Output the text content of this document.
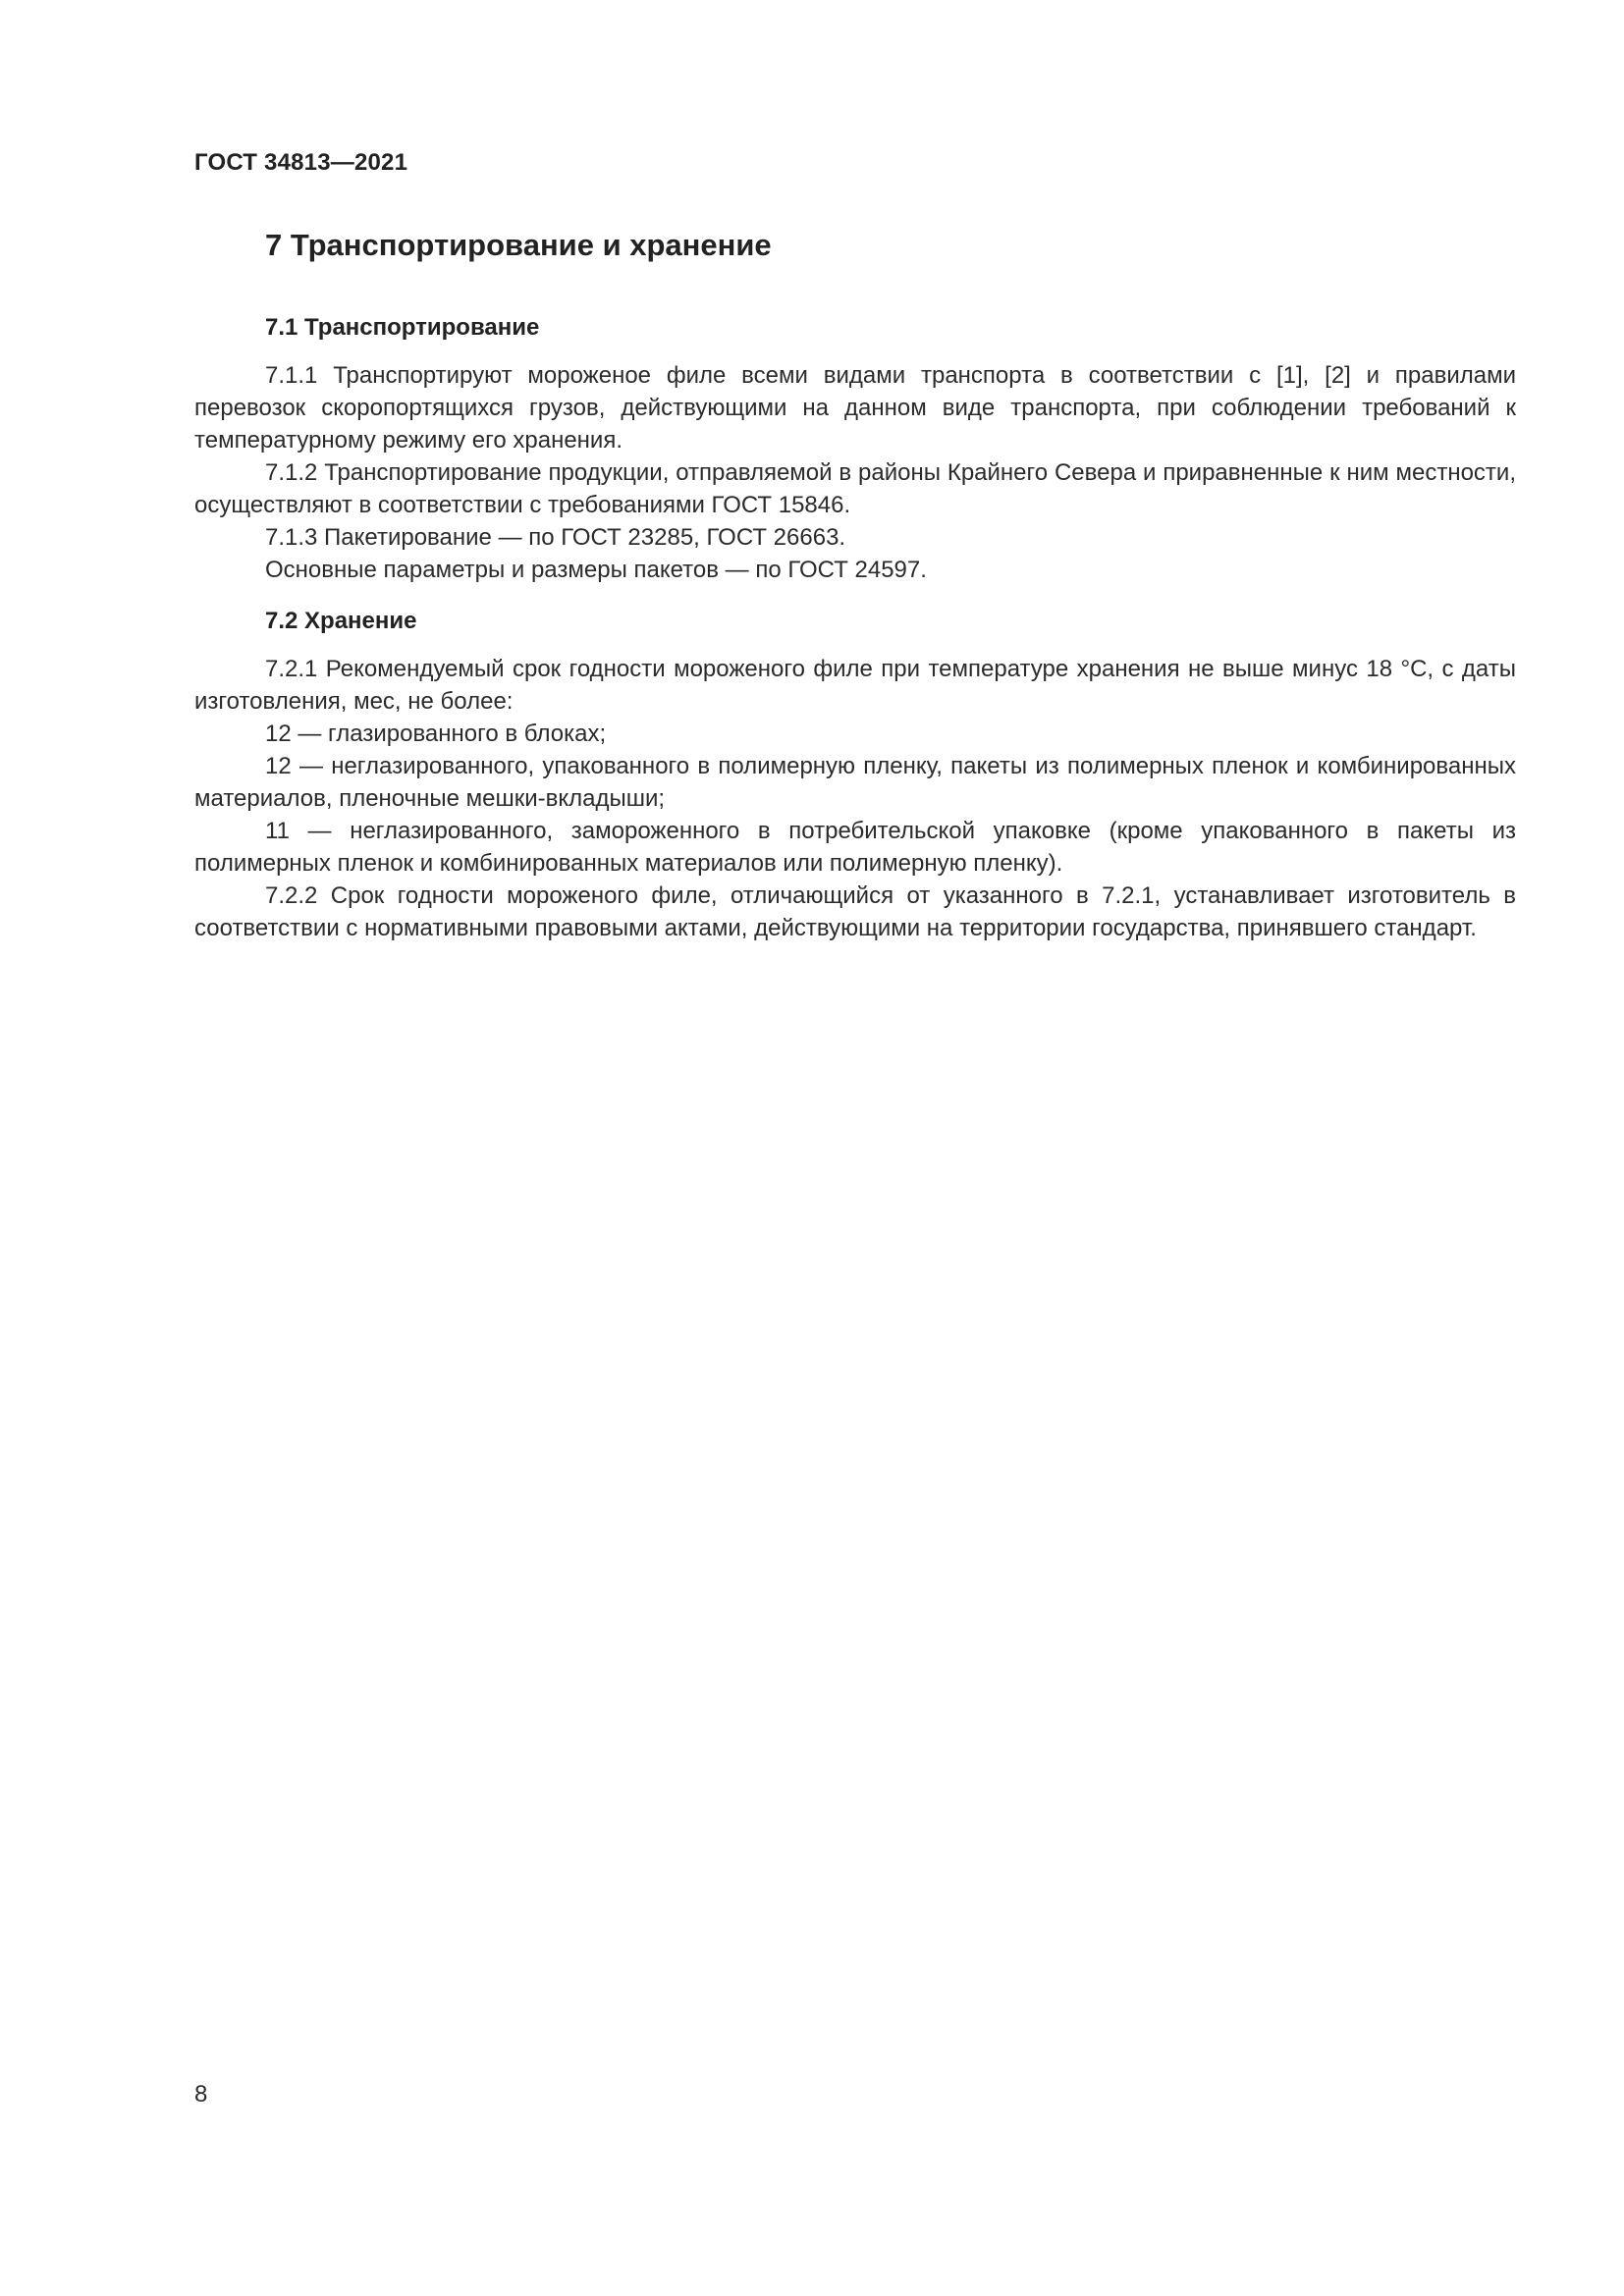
ГОСТ 34813—2021
7 Транспортирование и хранение
7.1 Транспортирование

7.1.1 Транспортируют мороженое филе всеми видами транспорта в соответствии с [1], [2] и правилами перевозок скоропортящихся грузов, действующими на данном виде транспорта, при соблюдении требований к температурному режиму его хранения.

7.1.2 Транспортирование продукции, отправляемой в районы Крайнего Севера и приравненные к ним местности, осуществляют в соответствии с требованиями ГОСТ 15846.

7.1.3 Пакетирование — по ГОСТ 23285, ГОСТ 26663.

Основные параметры и размеры пакетов — по ГОСТ 24597.

7.2 Хранение

7.2.1 Рекомендуемый срок годности мороженого филе при температуре хранения не выше минус 18 °С, с даты изготовления, мес, не более:

12 — глазированного в блоках;

12 — неглазированного, упакованного в полимерную пленку, пакеты из полимерных пленок и комбинированных материалов, пленочные мешки-вкладыши;

11 — неглазированного, замороженного в потребительской упаковке (кроме упакованного в пакеты из полимерных пленок и комбинированных материалов или полимерную пленку).

7.2.2 Срок годности мороженого филе, отличающийся от указанного в 7.2.1, устанавливает изготовитель в соответствии с нормативными правовыми актами, действующими на территории государства, принявшего стандарт.

8
